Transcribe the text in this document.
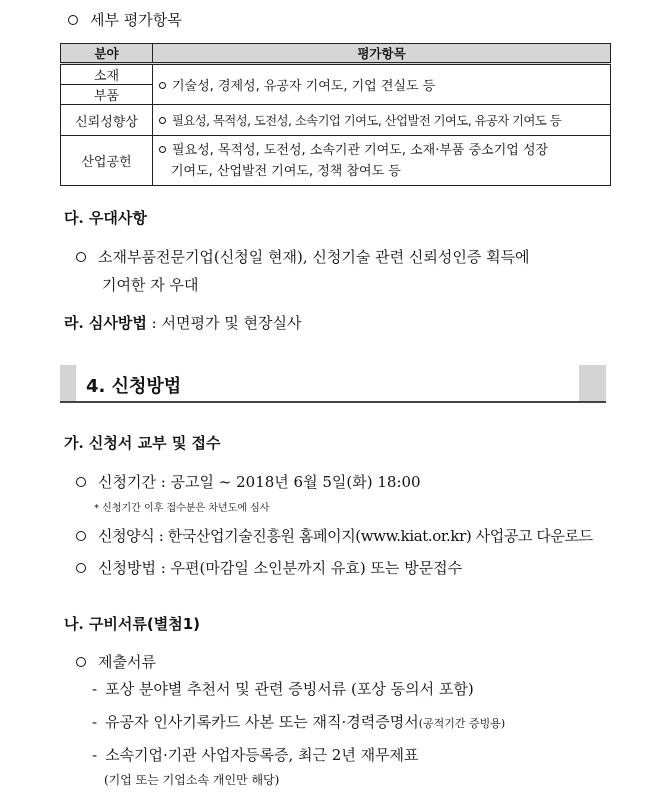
세부 평가항목
분야	평가항목
소재	기술성, 경제성, 유공자 기여도, 기업 견실도 등
부품	
신뢰성향상	필요성, 목적성, 도전성, 소속기업 기여도, 산업발전 기여도, 유공자 기여도 등
산업공헌	필요성, 목적성, 도전성, 소속기관 기여도, 소재·부품 중소기업 성장
기여도, 산업발전 기여도, 정책 참여도 등
다. 우대사항
소재부품전문기업(신청일 현재), 신청기술 관련 신뢰성인증 획득에
기여한 자 우대
라. 심사방법 : 서면평가 및 현장실사
4. 신청방법
가. 신청서 교부 및 접수
신청기간 : 공고일 ~ 2018년 6월 5일(화) 18:00
* 신청기간 이후 접수분은 차년도에 심사
신청양식 : 한국산업기술진흥원 홈페이지(www.kiat.or.kr) 사업공고 다운로드
신청방법 : 우편(마감일 소인분까지 유효) 또는 방문접수
나. 구비서류(별첨1)
제출서류
- 포상 분야별 추천서 및 관련 증빙서류 (포상 동의서 포함)
- 유공자 인사기록카드 사본 또는 재직·경력증명서(공적기간 증빙용)
- 소속기업·기관 사업자등록증, 최근 2년 재무제표
(기업 또는 기업소속 개인만 해당)
